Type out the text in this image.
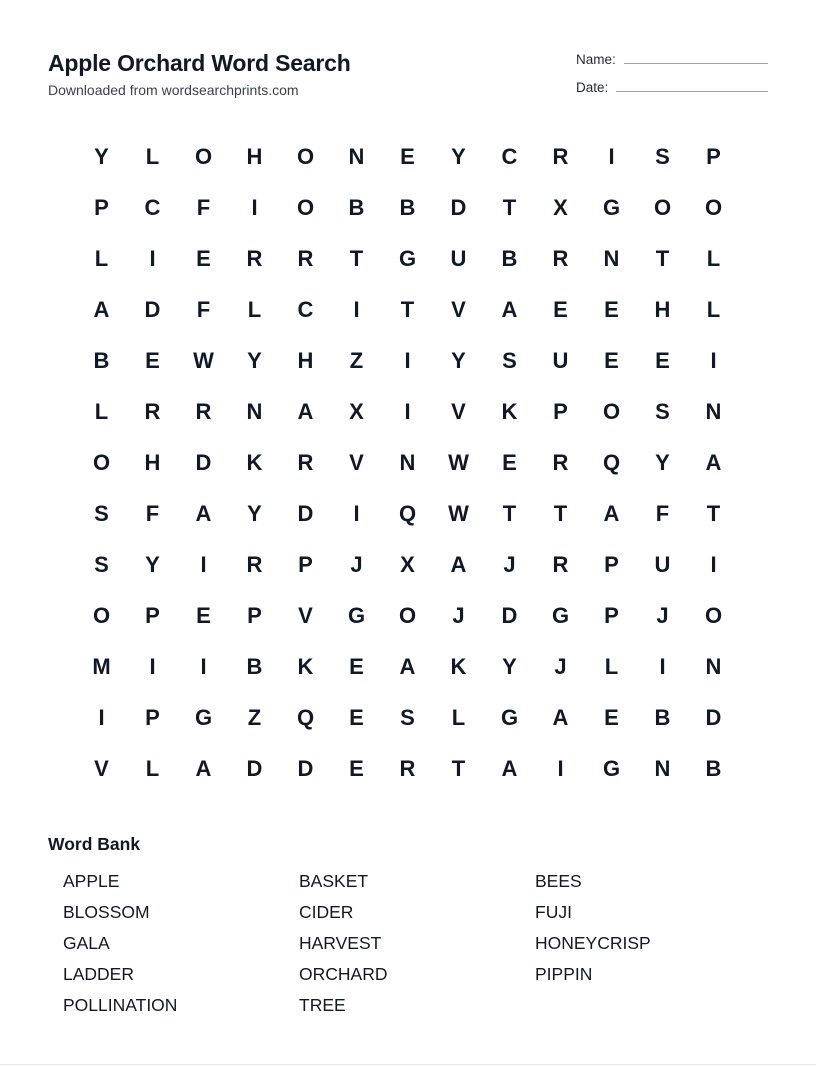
Apple Orchard Word Search
Downloaded from wordsearchprints.com
Name:
Date:
Y	L	O	H	O	N	E	Y	C	R	I	S	P
P	C	F	I	O	B	B	D	T	X	G	O	O
L	I	E	R	R	T	G	U	B	R	N	T	L
A	D	F	L	C	I	T	V	A	E	E	H	L
B	E	W	Y	H	Z	I	Y	S	U	E	E	I
L	R	R	N	A	X	I	V	K	P	O	S	N
O	H	D	K	R	V	N	W	E	R	Q	Y	A
S	F	A	Y	D	I	Q	W	T	T	A	F	T
S	Y	I	R	P	J	X	A	J	R	P	U	I
O	P	E	P	V	G	O	J	D	G	P	J	O
M	I	I	B	K	E	A	K	Y	J	L	I	N
I	P	G	Z	Q	E	S	L	G	A	E	B	D
V	L	A	D	D	E	R	T	A	I	G	N	B
Word Bank
APPLE	BASKET	BEES
BLOSSOM	CIDER	FUJI
GALA	HARVEST	HONEYCRISP
LADDER	ORCHARD	PIPPIN
POLLINATION	TREE
